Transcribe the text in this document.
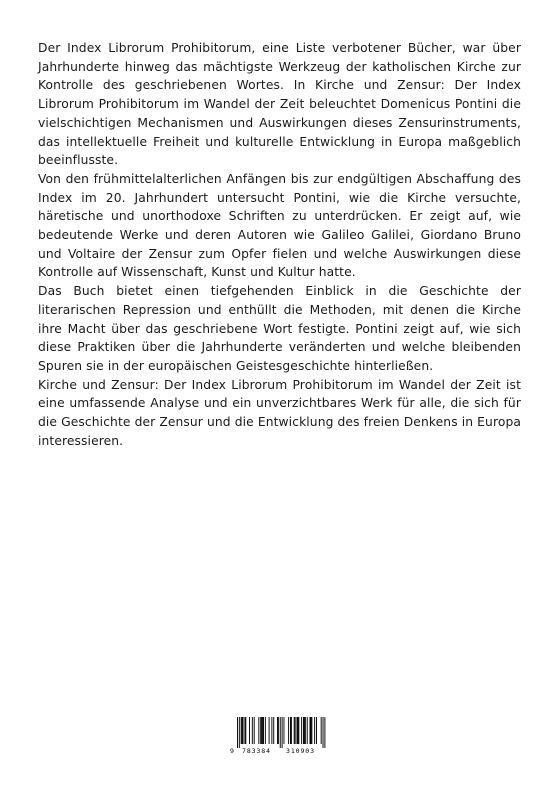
Der Index Librorum Prohibitorum, eine Liste verbotener Bücher, war über Jahrhunderte hinweg das mächtigste Werkzeug der katholischen Kirche zur Kontrolle des geschriebenen Wortes. In Kirche und Zensur: Der Index Librorum Prohibitorum im Wandel der Zeit beleuchtet Domenicus Pontini die vielschichtigen Mechanismen und Auswirkungen dieses Zensurinstruments, das intellektuelle Freiheit und kulturelle Entwicklung in Europa maßgeblich beeinflusste.

Von den frühmittelalterlichen Anfängen bis zur endgültigen Abschaffung des Index im 20. Jahrhundert untersucht Pontini, wie die Kirche versuchte, häretische und unorthodoxe Schriften zu unterdrücken. Er zeigt auf, wie bedeutende Werke und deren Autoren wie Galileo Galilei, Giordano Bruno und Voltaire der Zensur zum Opfer fielen und welche Auswirkungen diese Kontrolle auf Wissenschaft, Kunst und Kultur hatte.

Das Buch bietet einen tiefgehenden Einblick in die Geschichte der literarischen Repression und enthüllt die Methoden, mit denen die Kirche ihre Macht über das geschriebene Wort festigte. Pontini zeigt auf, wie sich diese Praktiken über die Jahrhunderte veränderten und welche bleibenden Spuren sie in der europäischen Geistesgeschichte hinterließen.

Kirche und Zensur: Der Index Librorum Prohibitorum im Wandel der Zeit ist eine umfassende Analyse und ein unverzichtbares Werk für alle, die sich für die Geschichte der Zensur und die Entwicklung des freien Denkens in Europa interessieren.

9 783384 310903
